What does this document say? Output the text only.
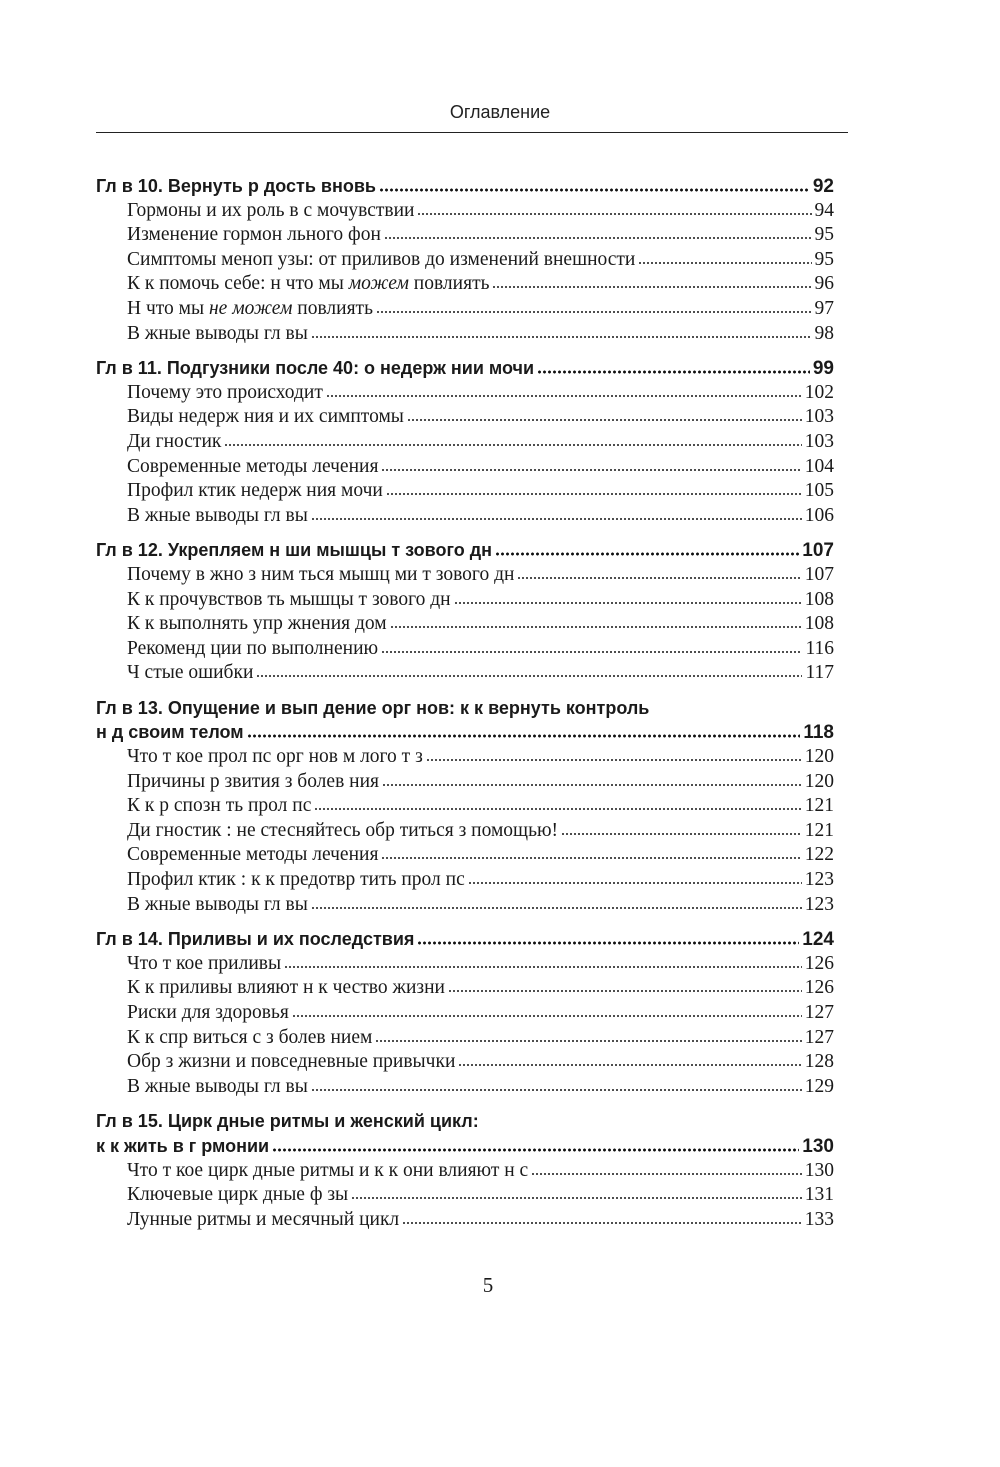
Оглавление
Гл в 10. Вернуть р дость вновь	92
Гормоны и их роль в с мочувствии	94
Изменение гормон льного фон	95
Симптомы меноп узы: от приливов до изменений внешности	95
К к помочь себе: н что мы можем повлиять	96
Н что мы не можем повлиять	97
В жные выводы гл вы	98
Гл в 11. Подгузники после 40: о недерж нии мочи	99
Почему это происходит	102
Виды недерж ния и их симптомы	103
Ди гностик	103
Современные методы лечения	104
Профил ктик недерж ния мочи	105
В жные выводы гл вы	106
Гл в 12. Укрепляем н ши мышцы т зового дн	107
Почему в жно з ним ться мышц ми т зового дн	107
К к прочувствов ть мышцы т зового дн	108
К к выполнять упр жнения дом	108
Рекоменд ции по выполнению	116
Ч стые ошибки	117
Гл в 13. Опущение и вып дение орг нов: к к вернуть контроль
н д своим телом	118
Что т кое прол пс орг нов м лого т з	120
Причины р звития з болев ния	120
К к р спозн ть прол пс	121
Ди гностик : не стесняйтесь обр титься з помощью!	121
Современные методы лечения	122
Профил ктик : к к предотвр тить прол пс	123
В жные выводы гл вы	123
Гл в 14. Приливы и их последствия	124
Что т кое приливы	126
К к приливы влияют н к чество жизни	126
Риски для здоровья	127
К к спр виться с з болев нием	127
Обр з жизни и повседневные привычки	128
В жные выводы гл вы	129
Гл в 15. Цирк дные ритмы и женский цикл:
к к жить в г рмонии	130
Что т кое цирк дные ритмы и к к они влияют н с	130
Ключевые цирк дные ф зы	131
Лунные ритмы и месячный цикл	133
5
